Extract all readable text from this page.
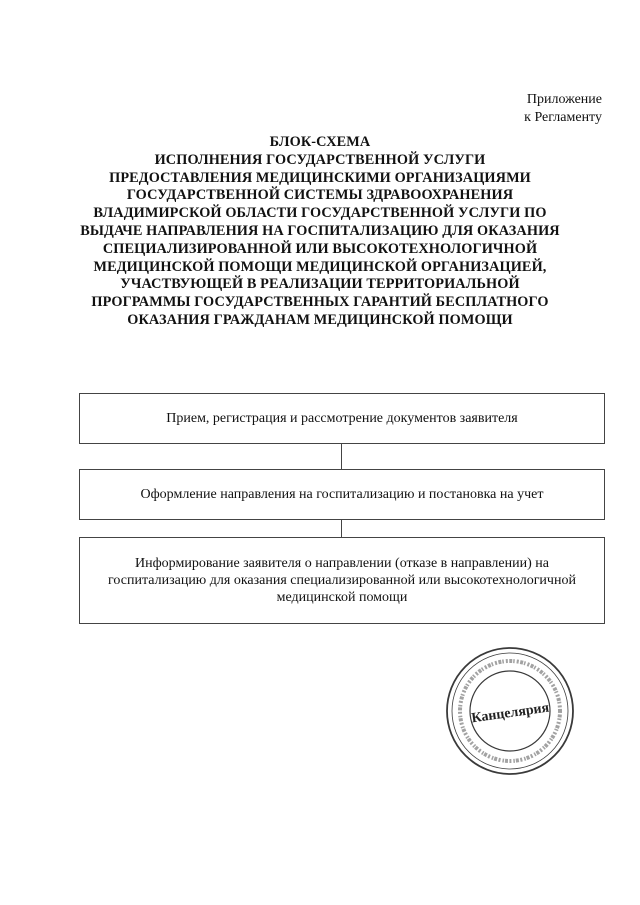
Приложение
к Регламенту
БЛОК-СХЕМА
ИСПОЛНЕНИЯ ГОСУДАРСТВЕННОЙ УСЛУГИ
ПРЕДОСТАВЛЕНИЯ МЕДИЦИНСКИМИ ОРГАНИЗАЦИЯМИ
ГОСУДАРСТВЕННОЙ СИСТЕМЫ ЗДРАВООХРАНЕНИЯ
ВЛАДИМИРСКОЙ ОБЛАСТИ ГОСУДАРСТВЕННОЙ УСЛУГИ ПО
ВЫДАЧЕ НАПРАВЛЕНИЯ НА ГОСПИТАЛИЗАЦИЮ ДЛЯ ОКАЗАНИЯ
СПЕЦИАЛИЗИРОВАННОЙ ИЛИ ВЫСОКОТЕХНОЛОГИЧНОЙ
МЕДИЦИНСКОЙ ПОМОЩИ МЕДИЦИНСКОЙ ОРГАНИЗАЦИЕЙ,
УЧАСТВУЮЩЕЙ В РЕАЛИЗАЦИИ ТЕРРИТОРИАЛЬНОЙ
ПРОГРАММЫ ГОСУДАРСТВЕННЫХ ГАРАНТИЙ БЕСПЛАТНОГО
ОКАЗАНИЯ ГРАЖДАНАМ МЕДИЦИНСКОЙ ПОМОЩИ
Прием, регистрация и рассмотрение документов заявителя
Оформление направления на госпитализацию и постановка на учет
Информирование заявителя о направлении (отказе в направлении) на
госпитализацию для оказания специализированной или высокотехнологичной
медицинской помощи
Канцелярия
